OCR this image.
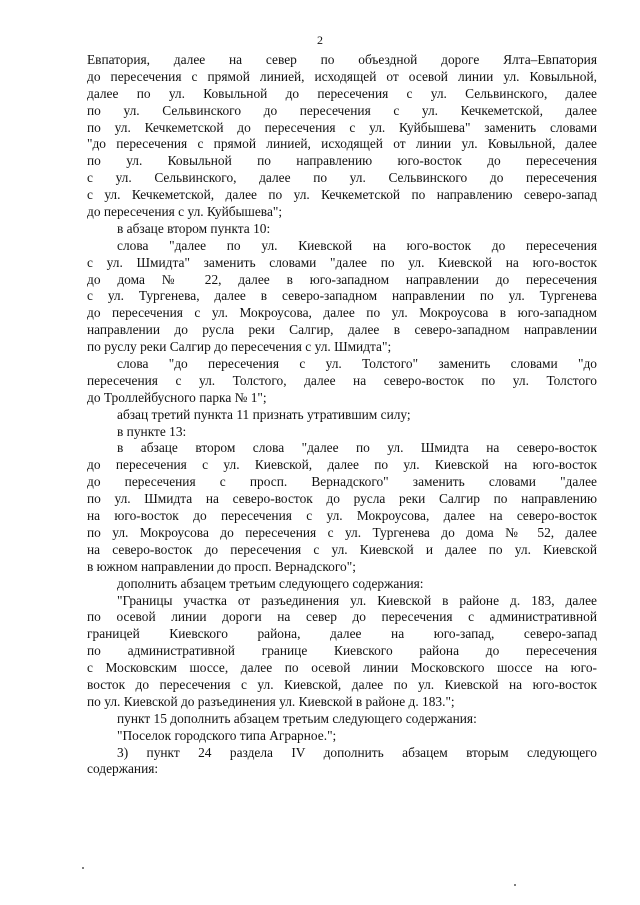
2
Евпатория, далее на север по объездной дороге Ялта–Евпатория
до пересечения с прямой линией, исходящей от осевой линии ул. Ковыльной,
далее по ул. Ковыльной до пересечения с ул. Сельвинского, далее
по ул. Сельвинского до пересечения с ул. Кечкеметской, далее
по ул. Кечкеметской до пересечения с ул. Куйбышева" заменить словами
"до пересечения с прямой линией, исходящей от линии ул. Ковыльной, далее
по ул. Ковыльной по направлению юго-восток до пересечения
с ул. Сельвинского, далее по ул. Сельвинского до пересечения
с ул. Кечкеметской, далее по ул. Кечкеметской по направлению северо-запад
до пересечения с ул. Куйбышева";
в абзаце втором пункта 10:
слова "далее по ул. Киевской на юго-восток до пересечения
с ул. Шмидта" заменить словами "далее по ул. Киевской на юго-восток
до дома № 22, далее в юго-западном направлении до пересечения
с ул. Тургенева, далее в северо-западном направлении по ул. Тургенева
до пересечения с ул. Мокроусова, далее по ул. Мокроусова в юго-западном
направлении до русла реки Салгир, далее в северо-западном направлении
по руслу реки Салгир до пересечения с ул. Шмидта";
слова "до пересечения с ул. Толстого" заменить словами "до
пересечения с ул. Толстого, далее на северо-восток по ул. Толстого
до Троллейбусного парка № 1";
абзац третий пункта 11 признать утратившим силу;
в пункте 13:
в абзаце втором слова "далее по ул. Шмидта на северо-восток
до пересечения с ул. Киевской, далее по ул. Киевской на юго-восток
до пересечения с просп. Вернадского" заменить словами "далее
по ул. Шмидта на северо-восток до русла реки Салгир по направлению
на юго-восток до пересечения с ул. Мокроусова, далее на северо-восток
по ул. Мокроусова до пересечения с ул. Тургенева до дома № 52, далее
на северо-восток до пересечения с ул. Киевской и далее по ул. Киевской
в южном направлении до просп. Вернадского";
дополнить абзацем третьим следующего содержания:
"Границы участка от разъединения ул. Киевской в районе д. 183, далее
по осевой линии дороги на север до пересечения с административной
границей Киевского района, далее на юго-запад, северо-запад
по административной границе Киевского района до пересечения
с Московским шоссе, далее по осевой линии Московского шоссе на юго-
восток до пересечения с ул. Киевской, далее по ул. Киевской на юго-восток
по ул. Киевской до разъединения ул. Киевской в районе д. 183.";
пункт 15 дополнить абзацем третьим следующего содержания:
"Поселок городского типа Аграрное.";
3) пункт 24 раздела IV дополнить абзацем вторым следующего
содержания:
